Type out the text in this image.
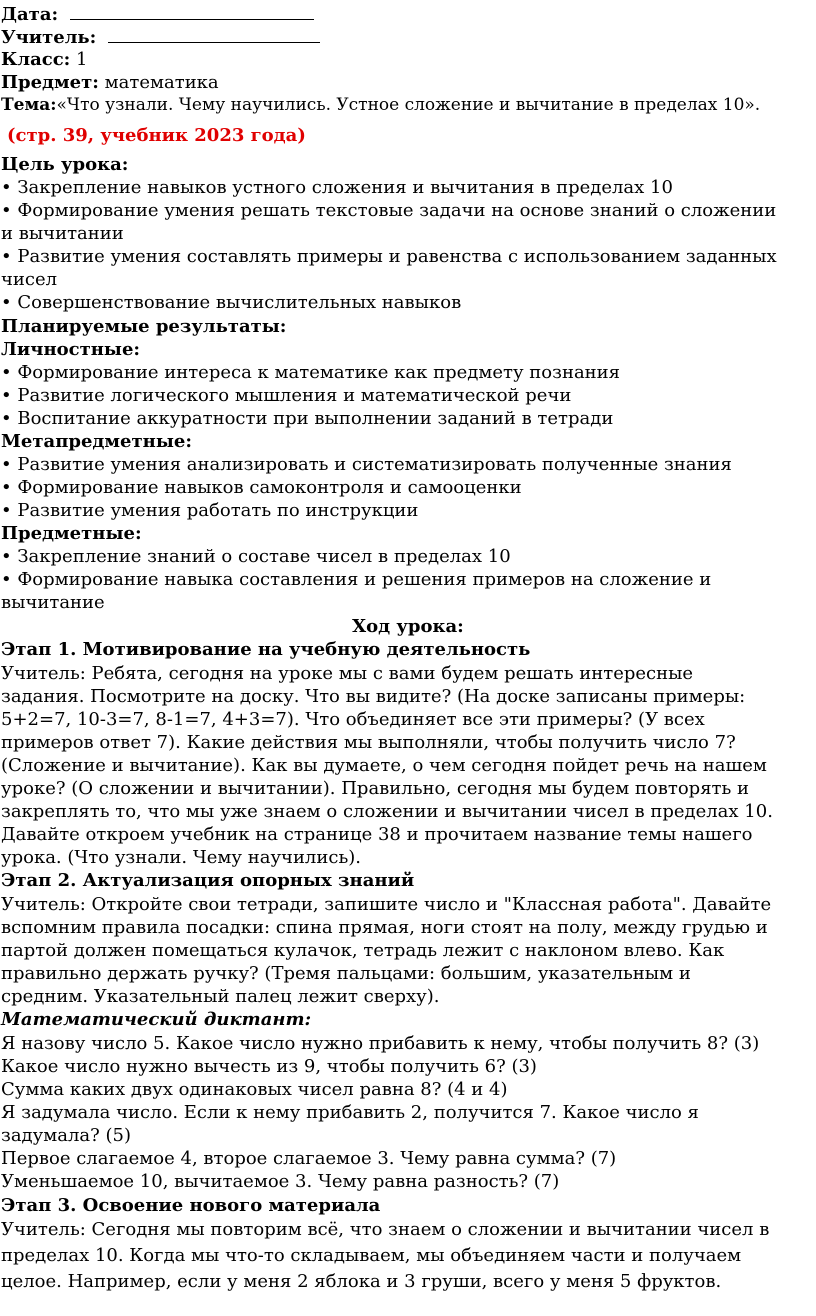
Дата:
Учитель:
Класс: 1
Предмет: математика
Тема:«Что узнали. Чему научились. Устное сложение и вычитание в пределах 10».
(стр. 39, учебник 2023 года)
Цель урока:
• Закрепление навыков устного сложения и вычитания в пределах 10
• Формирование умения решать текстовые задачи на основе знаний о сложении
и вычитании
• Развитие умения составлять примеры и равенства с использованием заданных
чисел
• Совершенствование вычислительных навыков
Планируемые результаты:
Личностные:
• Формирование интереса к математике как предмету познания
• Развитие логического мышления и математической речи
• Воспитание аккуратности при выполнении заданий в тетради
Метапредметные:
• Развитие умения анализировать и систематизировать полученные знания
• Формирование навыков самоконтроля и самооценки
• Развитие умения работать по инструкции
Предметные:
• Закрепление знаний о составе чисел в пределах 10
• Формирование навыка составления и решения примеров на сложение и
вычитание
Ход урока:
Этап 1. Мотивирование на учебную деятельность
Учитель: Ребята, сегодня на уроке мы с вами будем решать интересные
задания. Посмотрите на доску. Что вы видите? (На доске записаны примеры:
5+2=7, 10-3=7, 8-1=7, 4+3=7). Что объединяет все эти примеры? (У всех
примеров ответ 7). Какие действия мы выполняли, чтобы получить число 7?
(Сложение и вычитание). Как вы думаете, о чем сегодня пойдет речь на нашем
уроке? (О сложении и вычитании). Правильно, сегодня мы будем повторять и
закреплять то, что мы уже знаем о сложении и вычитании чисел в пределах 10.
Давайте откроем учебник на странице 38 и прочитаем название темы нашего
урока. (Что узнали. Чему научились).
Этап 2. Актуализация опорных знаний
Учитель: Откройте свои тетради, запишите число и "Классная работа". Давайте
вспомним правила посадки: спина прямая, ноги стоят на полу, между грудью и
партой должен помещаться кулачок, тетрадь лежит с наклоном влево. Как
правильно держать ручку? (Тремя пальцами: большим, указательным и
средним. Указательный палец лежит сверху).
Математический диктант:
Я назову число 5. Какое число нужно прибавить к нему, чтобы получить 8? (3)
Какое число нужно вычесть из 9, чтобы получить 6? (3)
Сумма каких двух одинаковых чисел равна 8? (4 и 4)
Я задумала число. Если к нему прибавить 2, получится 7. Какое число я
задумала? (5)
Первое слагаемое 4, второе слагаемое 3. Чему равна сумма? (7)
Уменьшаемое 10, вычитаемое 3. Чему равна разность? (7)
Этап 3. Освоение нового материала
Учитель: Сегодня мы повторим всё, что знаем о сложении и вычитании чисел в
пределах 10. Когда мы что-то складываем, мы объединяем части и получаем
целое. Например, если у меня 2 яблока и 3 груши, всего у меня 5 фруктов.
